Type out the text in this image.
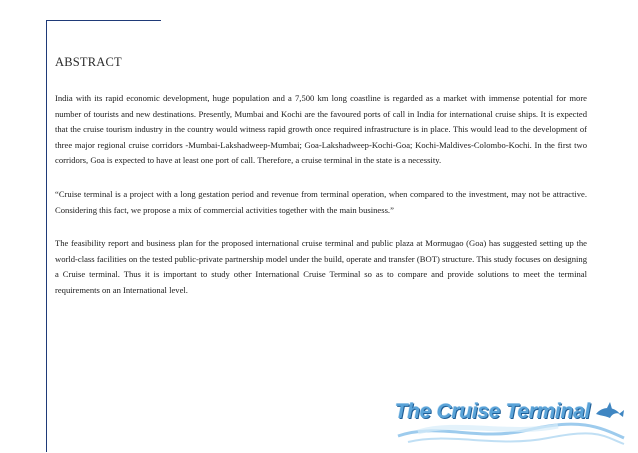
ABSTRACT

India with its rapid economic development, huge population and a 7,500 km long coastline is regarded as a market with immense potential for more number of tourists and new destinations. Presently, Mumbai and Kochi are the favoured ports of call in India for international cruise ships. It is expected that the cruise tourism industry in the country would witness rapid growth once required infrastructure is in place. This would lead to the development of three major regional cruise corridors -Mumbai-Lakshadweep-Mumbai; Goa-Lakshadweep-Kochi-Goa; Kochi-Maldives-Colombo-Kochi. In the first two corridors, Goa is expected to have at least one port of call. Therefore, a cruise terminal in the state is a necessity.

“Cruise terminal is a project with a long gestation period and revenue from terminal operation, when compared to the investment, may not be attractive. Considering this fact, we propose a mix of commercial activities together with the main business.”

The feasibility report and business plan for the proposed international cruise terminal and public plaza at Mormugao (Goa) has suggested setting up the world-class facilities on the tested public-private partnership model under the build, operate and transfer (BOT) structure. This study focuses on designing a Cruise terminal. Thus it is important to study other International Cruise Terminal so as to compare and provide solutions to meet the terminal requirements on an International level.

The Cruise Terminal
